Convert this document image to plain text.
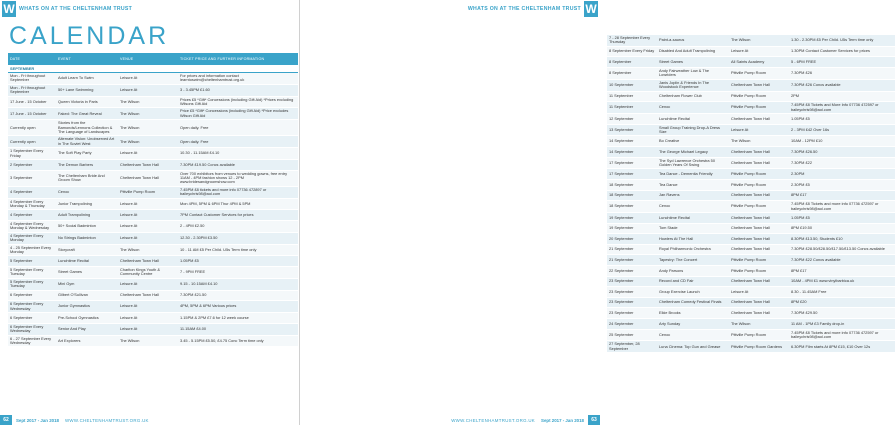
W WHATS ON AT THE CHELTENHAM TRUST
CALENDAR
DATE	EVENT	VENUE	TICKET PRICE AND FURTHER INFORMATION
SEPTEMBER			
Mon - Fri throughout September	Adult Learn To Swim	Leisure At	For prices and information contact learntoswim@cheltenhamtrust.org.uk
Mon - Fri throughout September	50+ Lane Swimming	Leisure At	3 - 3.45PM £1.60
17 June - 15 October	Queen Victoria in Paris	The Wilson	Prices £5 *Gift* Concessions (including Gift Aid) *Prices excluding Wilsons Gift Aid
17 June - 15 October	Faked: The Great Reveal	The Wilson	Price £5 *Gift* Concessions (including Gift Aid) *Price excludes Wilson Gift Aid
Currently open	Stories from the Bamonds/Lennons Collection & The Language of Landscapes	The Wilson	Open daily. Free
Currently open	Alternate Vision: Unobserved Art in The Soviet West	The Wilson	Open daily. Free
1 September Every Friday	The Soft Play Party	Leisure At	10.30 - 11.15AM £4.10
2 September	The Demon Barbers	Cheltenham Town Hall	7.30PM £19.50 Concs available
3 September	The Cheltenham Bride And Groom Show	Cheltenham Town Hall	Over 700 exhibitors from venues to wedding gowns, free entry 11AM - 4PM fashion shows 12 - 2PM www.bridesandgroomshow.com
4 September	Cenoc	Pittville Pump Room	7.45PM £8 tickets and more info 07736 472897 or baileychris98@aol.com
4 September Every Monday & Thursday	Junior Trampolining	Leisure At	Mon 4PM, 5PM & 6PM Thur 4PM & 5PM
4 September	Adult Trampolining	Leisure At	7PM Contact Customer Services for prices
4 September Every Monday & Wednesday	50+ Social Badminton	Leisure At	2 - 4PM £2.50
4 September Every Monday	No Strings Badminton	Leisure At	12.30 - 2.30PM £3.50
4 - 25 September Every Monday	Storycraft	The Wilson	10 - 11 AM £5 Per Child. U5s Term time only
5 September	Lunchtime Recital	Cheltenham Town Hall	1.05PM £5
5 September Every Tuesday	Street Games	Charlton Kings Youth & Community Centre	7 - 9PM FREE
5 September Every Tuesday	Mini Gym	Leisure At	9.15 - 10.15AM £4.10
6 September	Gilbert O'Sullivan	Cheltenham Town Hall	7.30PM £21.50
6 September Every Wednesday	Junior Gymnastics	Leisure At	4PM, 5PM & 6PM Various prices
6 September	Pre-School Gymnastics	Leisure At	1.15PM & 2PM £7.6 for 12 week course
6 September Every Wednesday	Senior And Play	Leisure At	11.15AM £4.00
6 - 27 September Every Wednesday	Art Explorers	The Wilson	3.45 - 5.15PM £5.50, £4.75 Conc Term time only
62	Sept 2017 - Jan 2018 WWW.CHELTENHAMTRUST.ORG.UK
WHATS ON AT THE CHELTENHAM TRUST W
7 - 28 September Every Thursday	Paint-a-saurus	The Wilson	1.30 - 2.30PM £5 Per Child. U5s Term time only
8 September Every Friday	Disabled And Adult Trampolining	Leisure At	1.30PM Contact Customer Services for prices
8 September	Street Games	All Saints Academy	5 - 6PM FREE
8 September	Andy Fairweather Low & The Lowriders	Pittville Pump Room	7.30PM £26
10 September	Janis Joplin & Friends In The Woodstock Experience	Cheltenham Town Hall	7.30PM £26 Concs available
11 September	Cheltenham Flower Club	Pittville Pump Room	2PM
11 September	Cenoc	Pittville Pump Room	7.45PM £8 Tickets and More Info 07736 472597 or baileychris98@aol.com
12 September	Lunchtime Recital	Cheltenham Town Hall	1.05PM £5
13 September	Small Group Training Drop-A Dress Size	Leisure At	2 - 3PM £42 Over 16s
14 September	Bo Creative	The Wilson	10AM - 12PM £10
14 September	The George Michael Legacy	Cheltenham Town Hall	7.30PM £26.50
17 September	The Syd Lawrence Orchestra 50 Golden Years Of Swing	Cheltenham Town Hall	7.30PM £22
17 September	Tea Dance - Dementia Friendly	Pittville Pump Room	2.30PM
18 September	Tea Dance	Pittville Pump Room	2.30PM £5
18 September	Jan Ravens	Cheltenham Town Hall	8PM £17
18 September	Cenoc	Pittville Pump Room	7.45PM £8 Tickets and more info 07736 472597 or baileychris98@aol.com
19 September	Lunchtime Recital	Cheltenham Town Hall	1.05PM £5
19 September	Tom Stade	Cheltenham Town Hall	8PM £19.50
20 September	Howlers At The Hall	Cheltenham Town Hall	8.30PM £13.50, Students £10
21 September	Royal Philharmonic Orchestra	Cheltenham Town Hall	7.30PM £28.50/£28.50/£17.50/£13.50 Concs available
21 September	Tapestry: The Concert	Pittville Pump Room	7.30PM £22 Concs available
22 September	Andy Parsons	Pittville Pump Room	8PM £17
23 September	Record and CD Fair	Cheltenham Town Hall	10AM - 4PM £1 www.vinylbarbica.uk
23 September	Group Exercise Launch	Leisure At	8.30 - 11.45AM Free
23 September	Cheltenham Comedy Festival Finals	Cheltenham Town Hall	8PM £20
23 September	Elkie Brooks	Cheltenham Town Hall	7.30PM £29.50
24 September	Arty Sunday	The Wilson	11 AM - 1PM £3 Family drop-in
25 September	Cenoc	Pittville Pump Room	7.45PM £8 Tickets and more info 07736 472597 or baileychris98@aol.com
27 September, 28 September	Luna Cinema: Top Gun and Grease	Pittville Pump Room Gardens	6.30PM Film starts At 8PM £15, £10 Over 12s
WWW.CHELTENHAMTRUST.ORG.UK Sept 2017 - Jan 2018	63
